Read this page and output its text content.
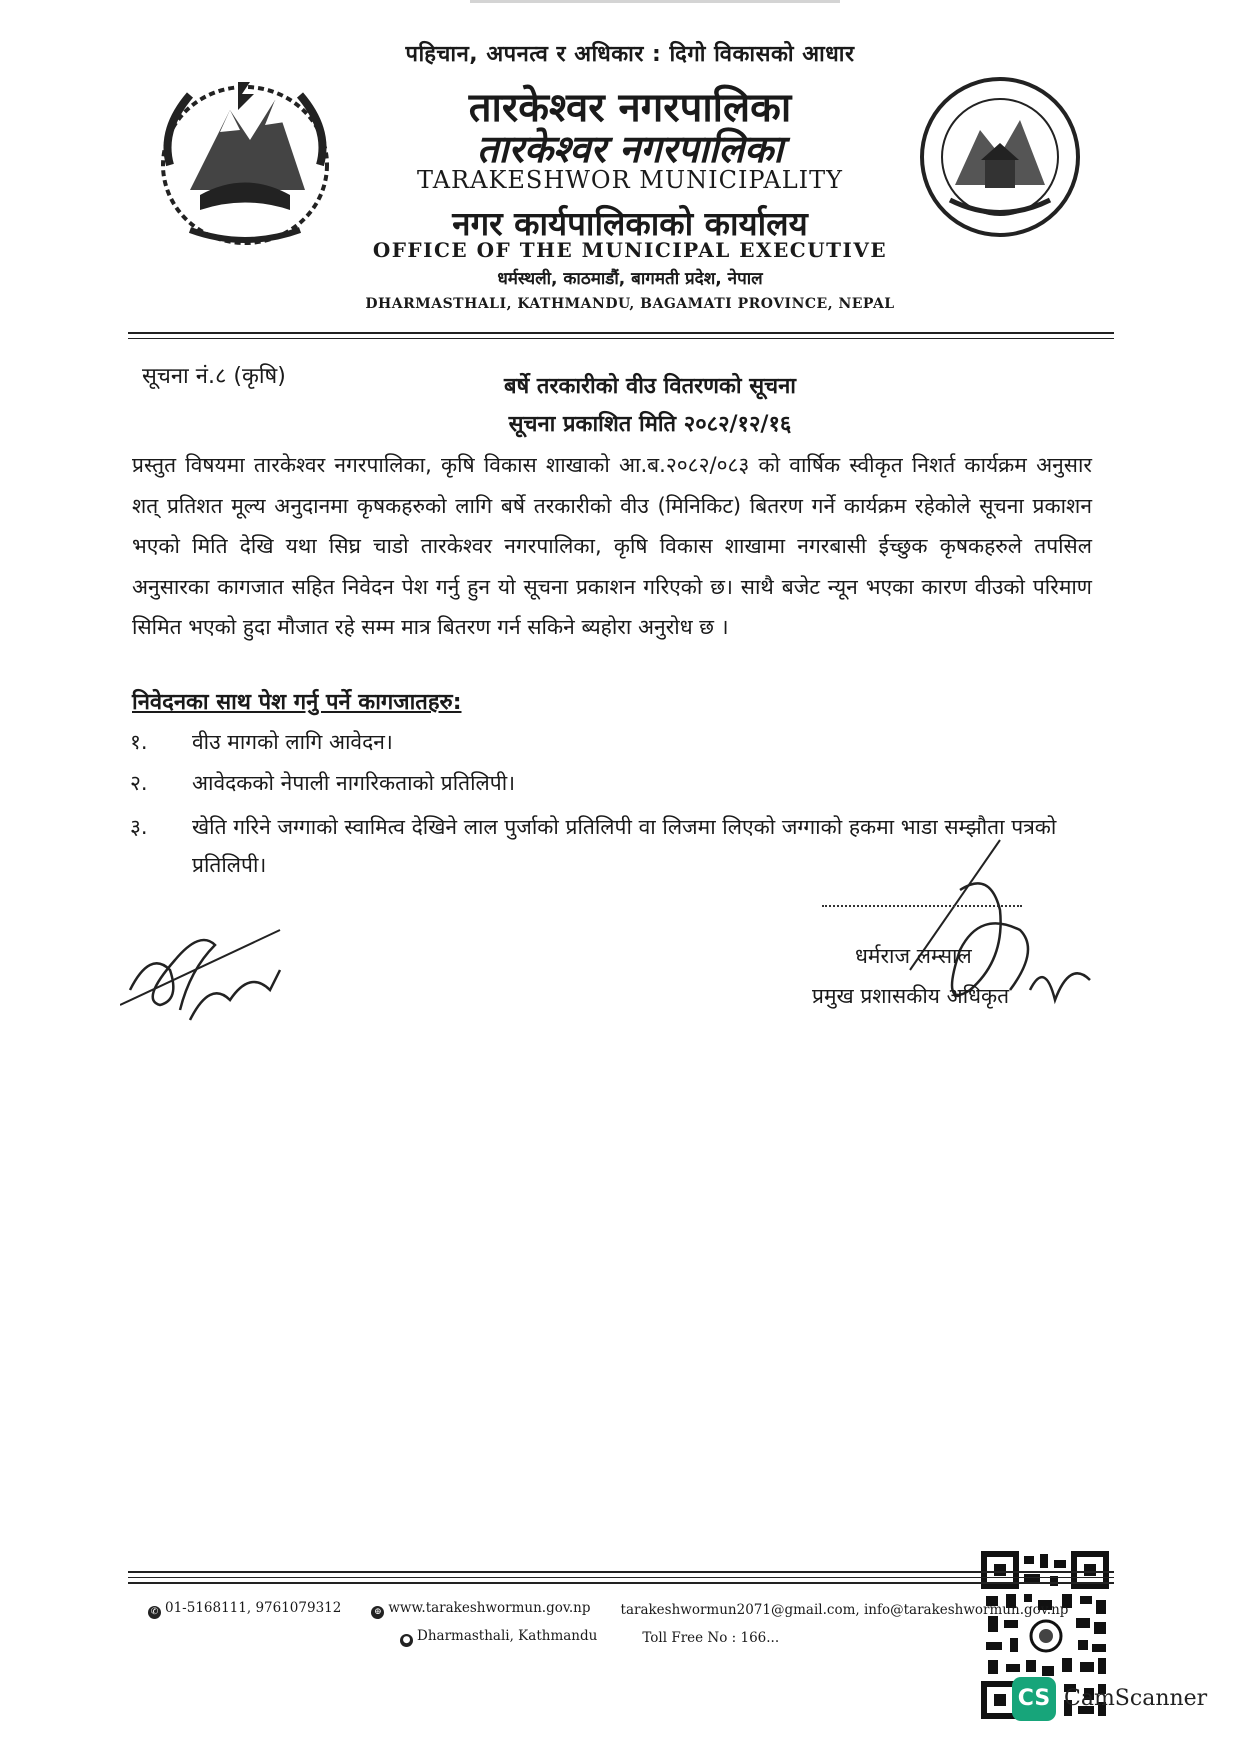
पहिचान, अपनत्व र अधिकार : दिगो विकासको आधार
तारकेश्वर नगरपालिका
तारकेश्वर नगरपालिका
TARAKESHWOR MUNICIPALITY
नगर कार्यपालिकाको कार्यालय
OFFICE OF THE MUNICIPAL EXECUTIVE
धर्मस्थली, काठमाडौं, बागमती प्रदेश, नेपाल
DHARMASTHALI, KATHMANDU, BAGAMATI PROVINCE, NEPAL
सूचना नं.८ (कृषि)	बर्षे तरकारीको वीउ वितरणको सूचना
सूचना प्रकाशित मिति २०८२/१२/१६
प्रस्तुत विषयमा तारकेश्वर नगरपालिका, कृषि विकास शाखाको आ.ब.२०८२/०८३ को वार्षिक स्वीकृत निशर्त कार्यक्रम अनुसार शत् प्रतिशत मूल्य अनुदानमा कृषकहरुको लागि बर्षे तरकारीको वीउ (मिनिकिट) बितरण गर्ने कार्यक्रम रहेकोले सूचना प्रकाशन भएको मिति देखि यथा सिघ्र चाडो तारकेश्वर नगरपालिका, कृषि विकास शाखामा नगरबासी ईच्छुक कृषकहरुले तपसिल अनुसारका कागजात सहित निवेदन पेश गर्नु हुन यो सूचना प्रकाशन गरिएको छ। साथै बजेट न्यून भएका कारण वीउको परिमाण सिमित भएको हुदा मौजात रहे सम्म मात्र बितरण गर्न सकिने ब्यहोरा अनुरोध छ ।
निवेदनका साथ पेश गर्नु पर्ने कागजातहरु:
१.	वीउ मागको लागि आवेदन।
२.	आवेदकको नेपाली नागरिकताको प्रतिलिपी।
३.	खेति गरिने जग्गाको स्वामित्व देखिने लाल पुर्जाको प्रतिलिपी वा लिजमा लिएको जग्गाको हकमा भाडा सम्झौता पत्रको प्रतिलिपी।
धर्मराज लम्साल
प्रमुख प्रशासकीय अधिकृत
✆ 01-5168111, 9761079312	⊕ www.tarakeshwormun.gov.np tarakeshwormun2071@gmail.com, info@tarakeshwormun.gov.np
● Dharmasthali, Kathmandu	Toll Free No : 166...
CS CamScanner
